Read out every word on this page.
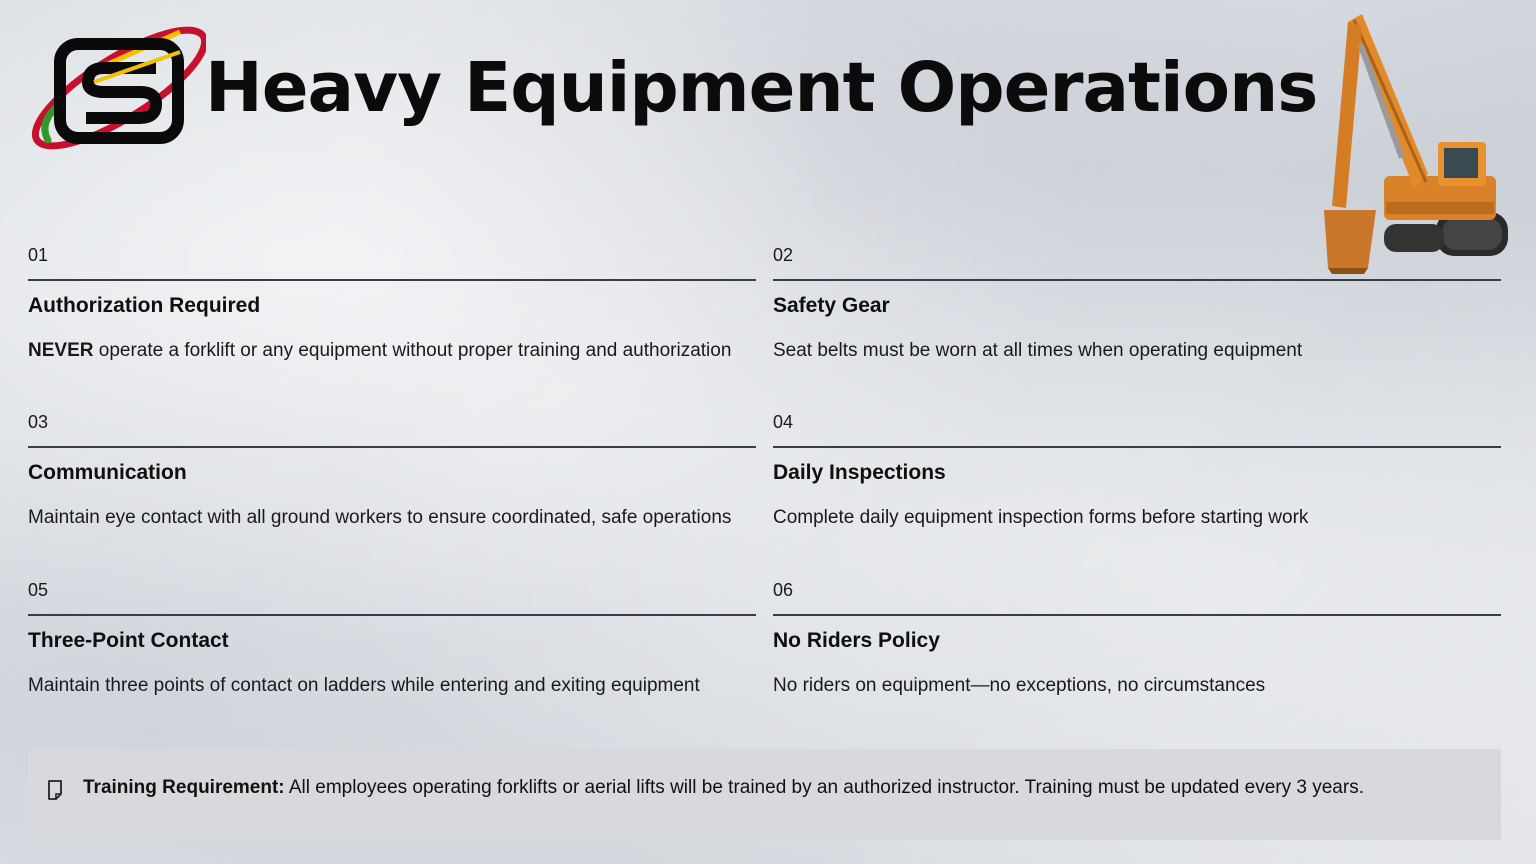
Heavy Equipment Operations
01
Authorization Required
NEVER operate a forklift or any equipment without proper training and authorization
02
Safety Gear
Seat belts must be worn at all times when operating equipment
03
Communication
Maintain eye contact with all ground workers to ensure coordinated, safe operations
04
Daily Inspections
Complete daily equipment inspection forms before starting work
05
Three-Point Contact
Maintain three points of contact on ladders while entering and exiting equipment
06
No Riders Policy
No riders on equipment—no exceptions, no circumstances
Training Requirement: All employees operating forklifts or aerial lifts will be trained by an authorized instructor. Training must be updated every 3 years.
